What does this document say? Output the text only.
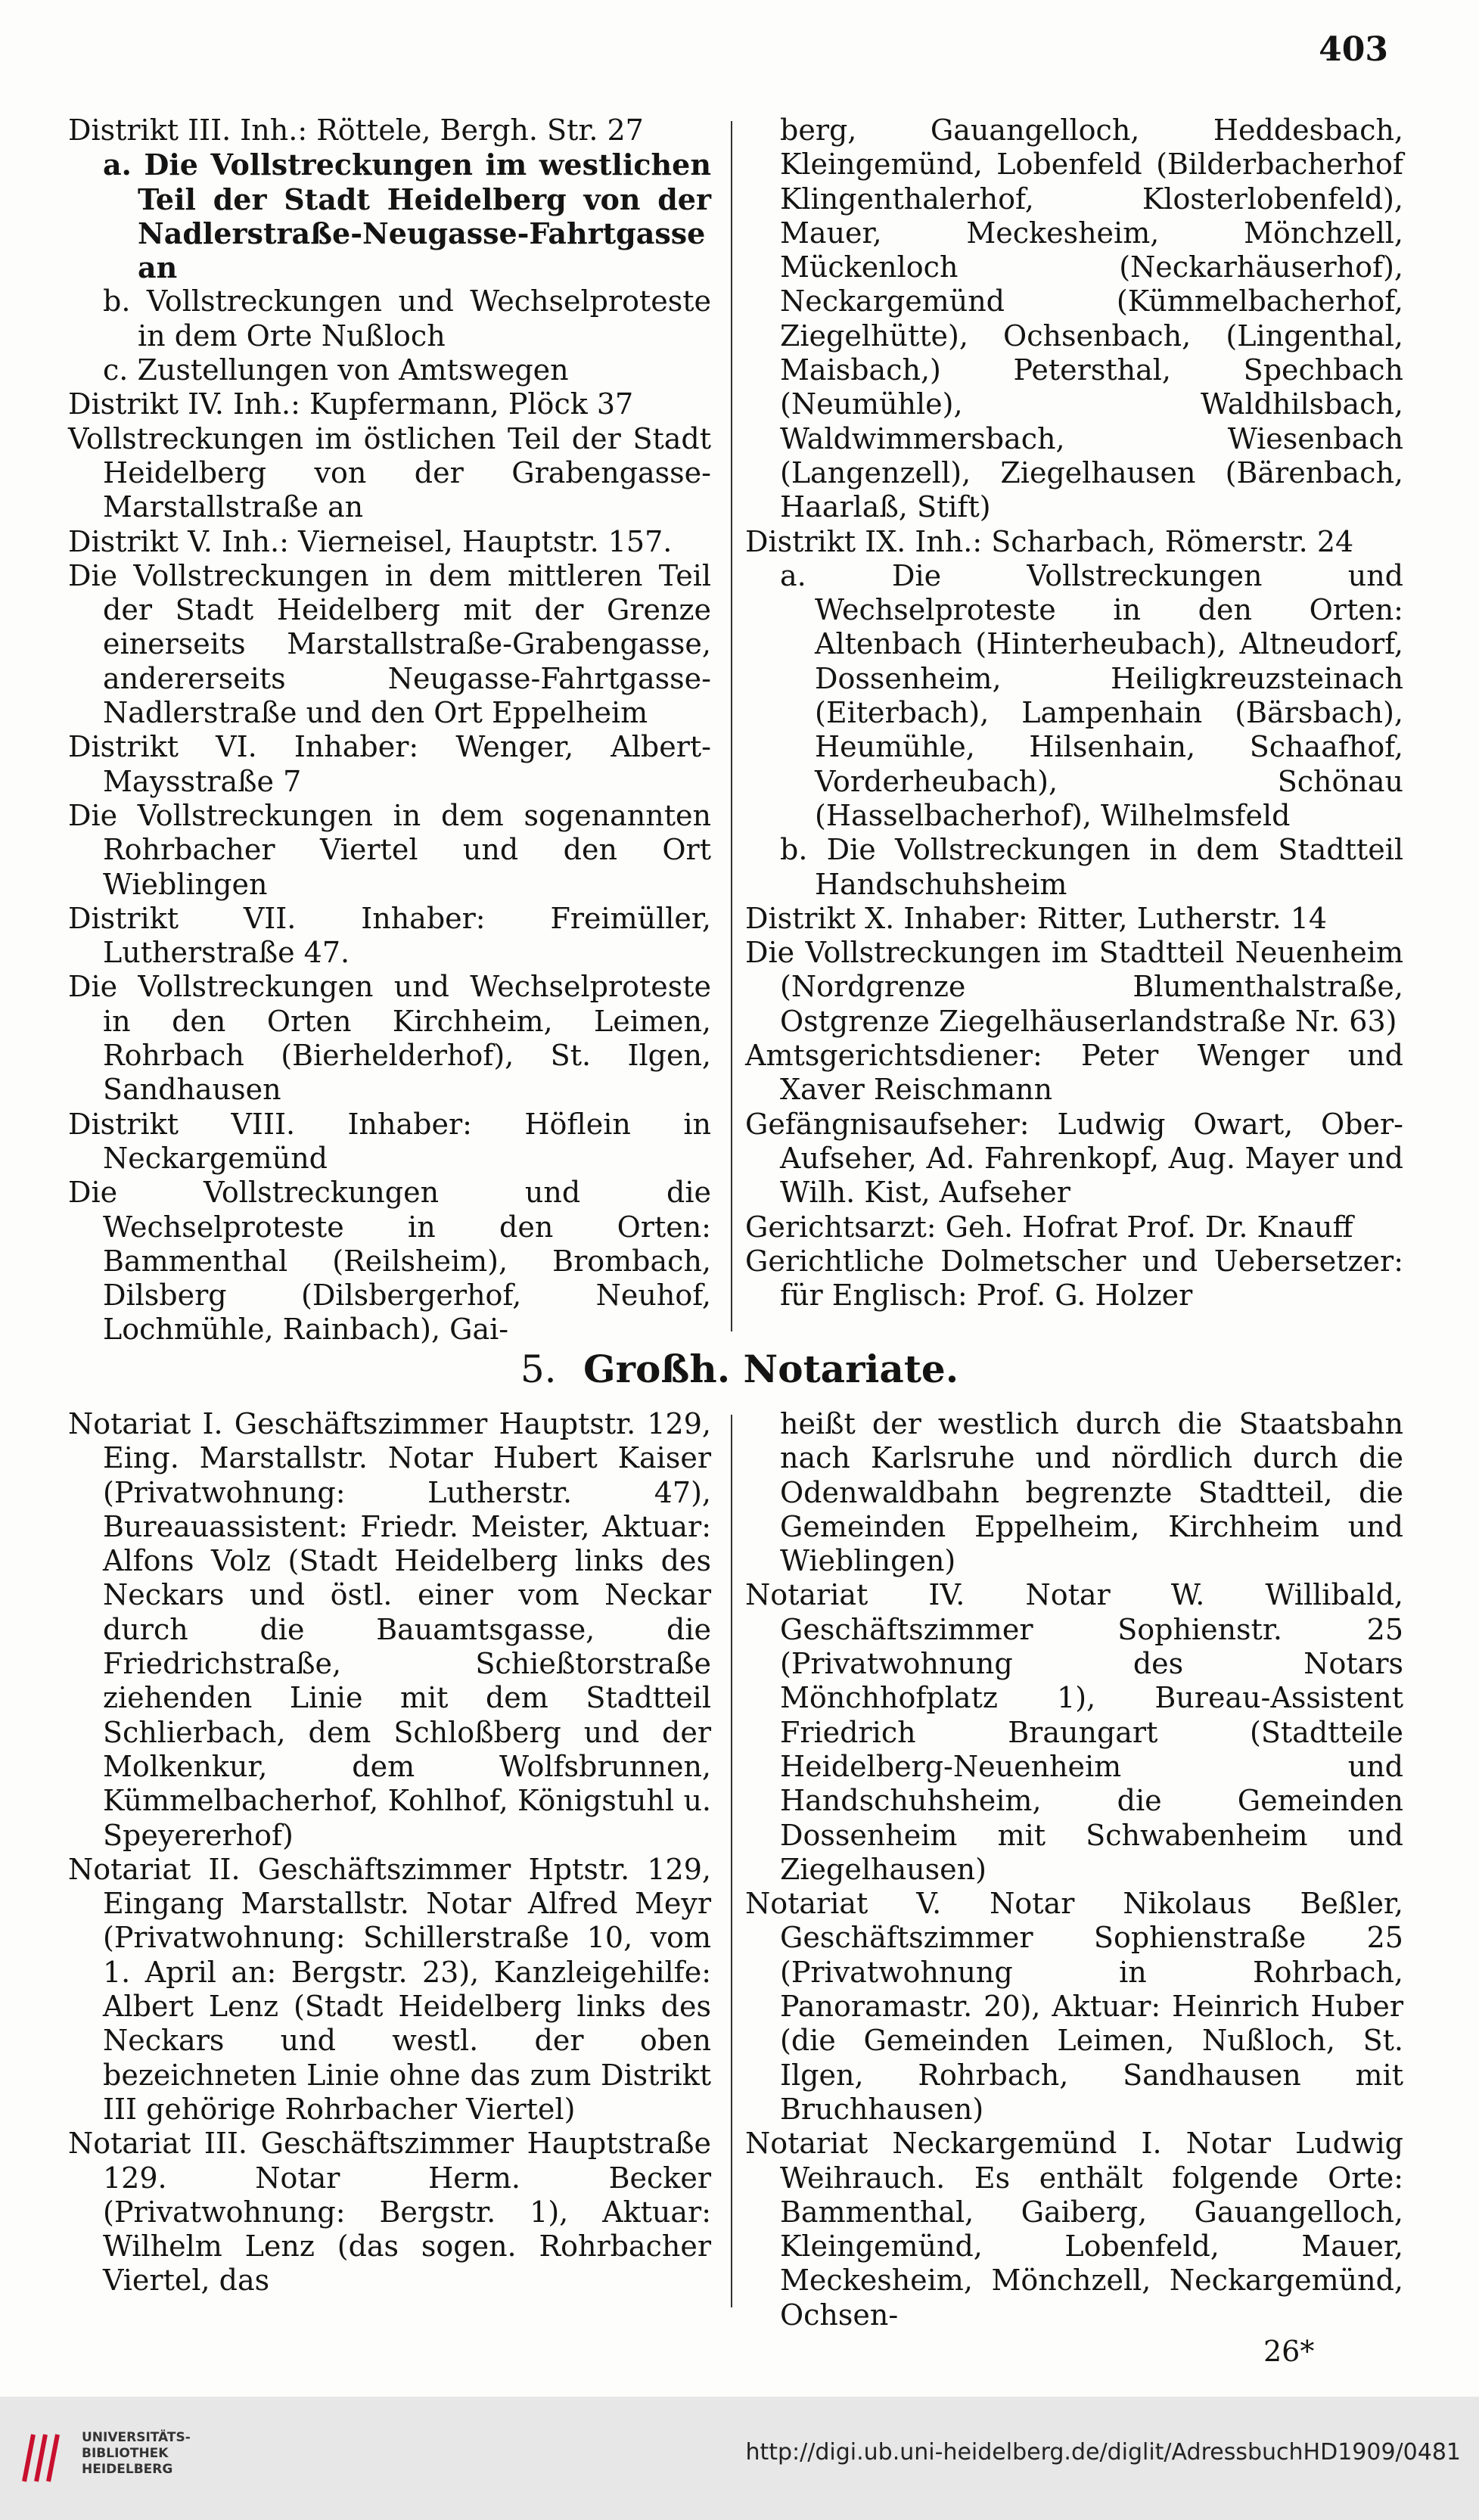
403

Distrikt III. Inh.: Röttele, Bergh. Str. 27

a. Die Vollstreckungen im westlichen Teil der Stadt Heidelberg von der Nadlerstraße-Neugasse-Fahrtgasse an

b. Vollstreckungen und Wechselproteste in dem Orte Nußloch

c. Zustellungen von Amtswegen

Distrikt IV. Inh.: Kupfermann, Plöck 37

Vollstreckungen im östlichen Teil der Stadt Heidelberg von der Grabengasse-Marstallstraße an

Distrikt V. Inh.: Vierneisel, Hauptstr. 157.

Die Vollstreckungen in dem mittleren Teil der Stadt Heidelberg mit der Grenze einerseits Marstallstraße-Grabengasse, andererseits Neugasse-Fahrtgasse-Nadlerstraße und den Ort Eppelheim

Distrikt VI. Inhaber: Wenger, Albert-Maysstraße 7

Die Vollstreckungen in dem sogenannten Rohrbacher Viertel und den Ort Wieblingen

Distrikt VII. Inhaber: Freimüller, Lutherstraße 47.

Die Vollstreckungen und Wechselproteste in den Orten Kirchheim, Leimen, Rohrbach (Bierhelderhof), St. Ilgen, Sandhausen

Distrikt VIII. Inhaber: Höflein in Neckargemünd

Die Vollstreckungen und die Wechselproteste in den Orten: Bammenthal (Reilsheim), Brombach, Dilsberg (Dilsbergerhof, Neuhof, Lochmühle, Rainbach), Gai-

berg, Gauangelloch, Heddesbach, Kleingemünd, Lobenfeld (Bilderbacherhof Klingenthalerhof, Klosterlobenfeld), Mauer, Meckesheim, Mönchzell, Mückenloch (Neckarhäuserhof), Neckargemünd (Kümmelbacherhof, Ziegelhütte), Ochsenbach, (Lingenthal, Maisbach,) Petersthal, Spechbach (Neumühle), Waldhilsbach, Waldwimmersbach, Wiesenbach (Langenzell), Ziegelhausen (Bärenbach, Haarlaß, Stift)

Distrikt IX. Inh.: Scharbach, Römerstr. 24

a. Die Vollstreckungen und Wechselproteste in den Orten: Altenbach (Hinterheubach), Altneudorf, Dossenheim, Heiligkreuzsteinach (Eiterbach), Lampenhain (Bärsbach), Heumühle, Hilsenhain, Schaafhof, Vorderheubach), Schönau (Hasselbacherhof), Wilhelmsfeld

b. Die Vollstreckungen in dem Stadtteil Handschuhsheim

Distrikt X. Inhaber: Ritter, Lutherstr. 14

Die Vollstreckungen im Stadtteil Neuenheim (Nordgrenze Blumenthalstraße, Ostgrenze Ziegelhäuserlandstraße Nr. 63)

Amtsgerichtsdiener: Peter Wenger und Xaver Reischmann

Gefängnisaufseher: Ludwig Owart, Ober-Aufseher, Ad. Fahrenkopf, Aug. Mayer und Wilh. Kist, Aufseher

Gerichtsarzt: Geh. Hofrat Prof. Dr. Knauff

Gerichtliche Dolmetscher und Uebersetzer: für Englisch: Prof. G. Holzer

5. Großh. Notariate.

Notariat I. Geschäftszimmer Hauptstr. 129, Eing. Marstallstr. Notar Hubert Kaiser (Privatwohnung: Lutherstr. 47), Bureauassistent: Friedr. Meister, Aktuar: Alfons Volz (Stadt Heidelberg links des Neckars und östl. einer vom Neckar durch die Bauamtsgasse, die Friedrichstraße, Schießtorstraße ziehenden Linie mit dem Stadtteil Schlierbach, dem Schloßberg und der Molkenkur, dem Wolfsbrunnen, Kümmelbacherhof, Kohlhof, Königstuhl u. Speyererhof)

Notariat II. Geschäftszimmer Hptstr. 129, Eingang Marstallstr. Notar Alfred Meyr (Privatwohnung: Schillerstraße 10, vom 1. April an: Bergstr. 23), Kanzleigehilfe: Albert Lenz (Stadt Heidelberg links des Neckars und westl. der oben bezeichneten Linie ohne das zum Distrikt III gehörige Rohrbacher Viertel)

Notariat III. Geschäftszimmer Hauptstraße 129. Notar Herm. Becker (Privatwohnung: Bergstr. 1), Aktuar: Wilhelm Lenz (das sogen. Rohrbacher Viertel, das

heißt der westlich durch die Staatsbahn nach Karlsruhe und nördlich durch die Odenwaldbahn begrenzte Stadtteil, die Gemeinden Eppelheim, Kirchheim und Wieblingen)

Notariat IV. Notar W. Willibald, Geschäftszimmer Sophienstr. 25 (Privatwohnung des Notars Mönchhofplatz 1), Bureau-Assistent Friedrich Braungart (Stadtteile Heidelberg-Neuenheim und Handschuhsheim, die Gemeinden Dossenheim mit Schwabenheim und Ziegelhausen)

Notariat V. Notar Nikolaus Beßler, Geschäftszimmer Sophienstraße 25 (Privatwohnung in Rohrbach, Panoramastr. 20), Aktuar: Heinrich Huber (die Gemeinden Leimen, Nußloch, St. Ilgen, Rohrbach, Sandhausen mit Bruchhausen)

Notariat Neckargemünd I. Notar Ludwig Weihrauch. Es enthält folgende Orte: Bammenthal, Gaiberg, Gauangelloch, Kleingemünd, Lobenfeld, Mauer, Meckesheim, Mönchzell, Neckargemünd, Ochsen-

26*
UNIVERSITÄTS-
BIBLIOTHEK
HEIDELBERG
http://digi.ub.uni-heidelberg.de/diglit/AdressbuchHD1909/0481
